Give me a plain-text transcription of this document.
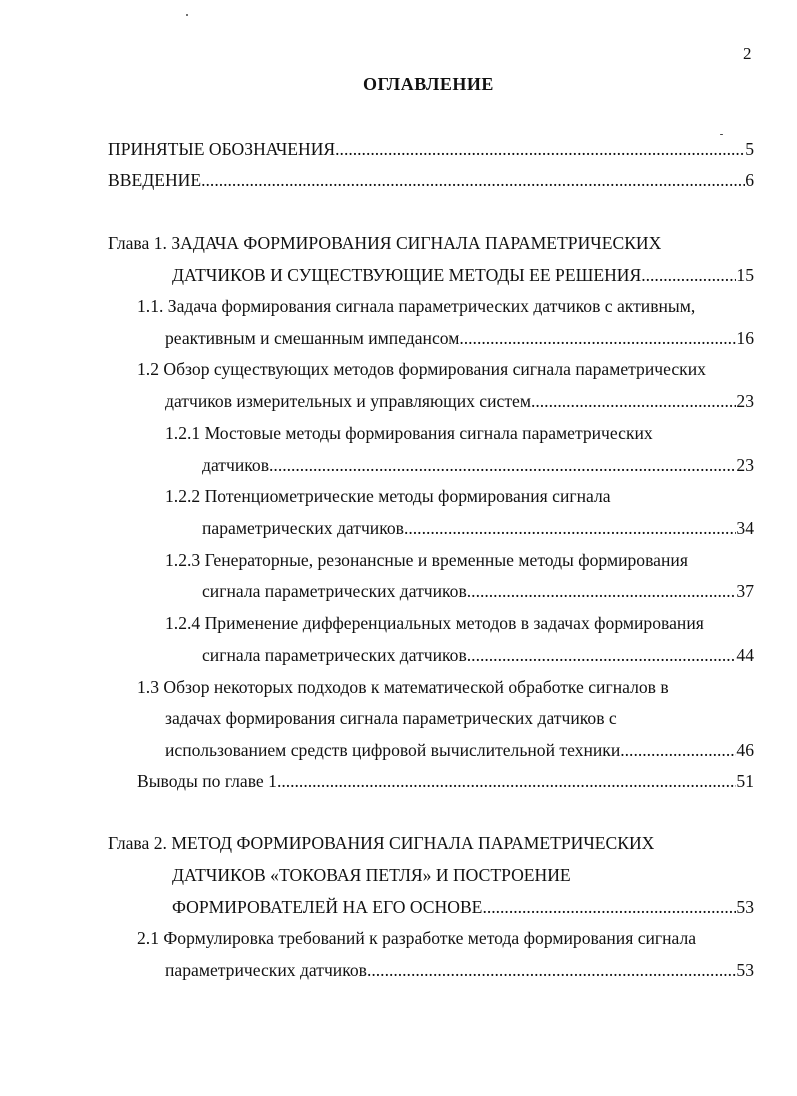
2
ОГЛАВЛЕНИЕ
ПРИНЯТЫЕ ОБОЗНАЧЕНИЯ .....	5
ВВЕДЕНИЕ .....	6
Глава 1. ЗАДАЧА ФОРМИРОВАНИЯ СИГНАЛА ПАРАМЕТРИЧЕСКИХ
ДАТЧИКОВ И СУЩЕСТВУЮЩИЕ МЕТОДЫ ЕЕ РЕШЕНИЯ .....	15
1.1. Задача формирования сигнала параметрических датчиков с активным,
реактивным и смешанным импедансом .....	16
1.2 Обзор существующих методов формирования сигнала параметрических
датчиков измерительных и управляющих систем .....	23
1.2.1 Мостовые методы формирования сигнала параметрических
датчиков .....	23
1.2.2 Потенциометрические методы формирования сигнала
параметрических датчиков .....	34
1.2.3 Генераторные, резонансные и временные методы формирования
сигнала параметрических датчиков .....	37
1.2.4 Применение дифференциальных методов в задачах формирования
сигнала параметрических датчиков .....	44
1.3 Обзор некоторых подходов к математической обработке сигналов в
задачах формирования сигнала параметрических датчиков с
использованием средств цифровой вычислительной техники .....	46
Выводы по главе 1 .....	51
Глава 2. МЕТОД ФОРМИРОВАНИЯ СИГНАЛА ПАРАМЕТРИЧЕСКИХ
ДАТЧИКОВ «ТОКОВАЯ ПЕТЛЯ» И ПОСТРОЕНИЕ
ФОРМИРОВАТЕЛЕЙ НА ЕГО ОСНОВЕ .....	53
2.1 Формулировка требований к разработке метода формирования сигнала
параметрических датчиков .....	53
